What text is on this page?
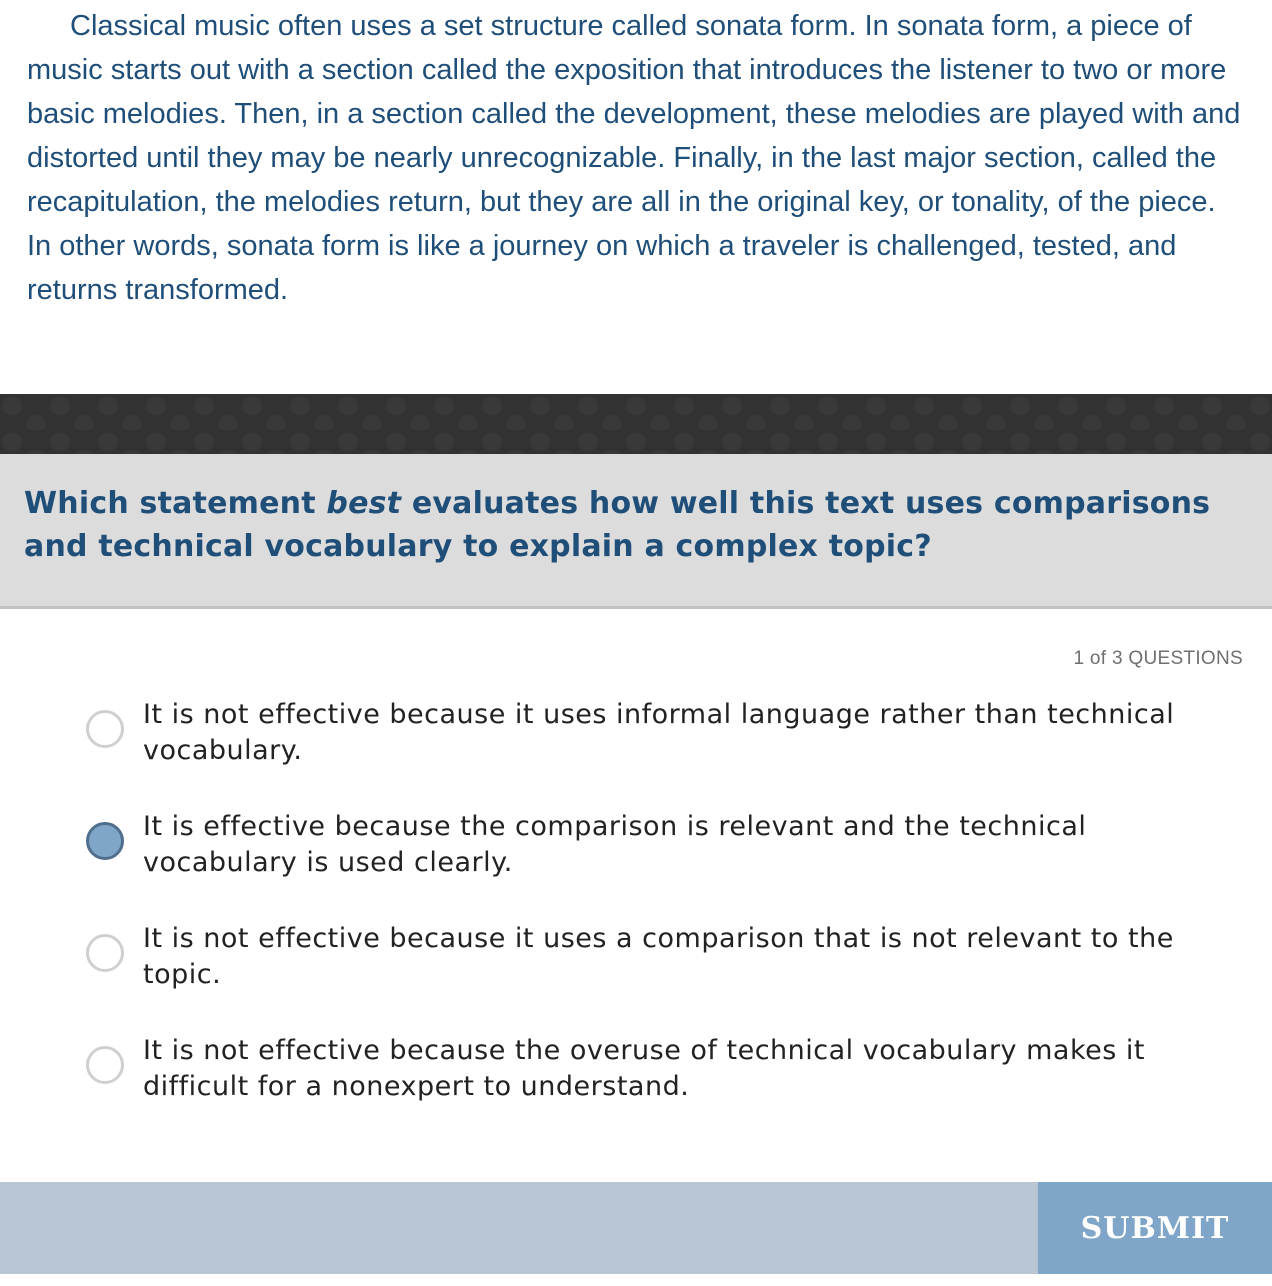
Classical music often uses a set structure called sonata form. In sonata form, a piece of music starts out with a section called the exposition that introduces the listener to two or more basic melodies. Then, in a section called the development, these melodies are played with and distorted until they may be nearly unrecognizable. Finally, in the last major section, called the recapitulation, the melodies return, but they are all in the original key, or tonality, of the piece. In other words, sonata form is like a journey on which a traveler is challenged, tested, and returns transformed.

Which statement best evaluates how well this text uses comparisons and technical vocabulary to explain a complex topic?
1 of 3 QUESTIONS
It is not effective because it uses informal language rather than technical vocabulary.
It is effective because the comparison is relevant and the technical vocabulary is used clearly.
It is not effective because it uses a comparison that is not relevant to the topic.
It is not effective because the overuse of technical vocabulary makes it difficult for a nonexpert to understand.
SUBMIT
